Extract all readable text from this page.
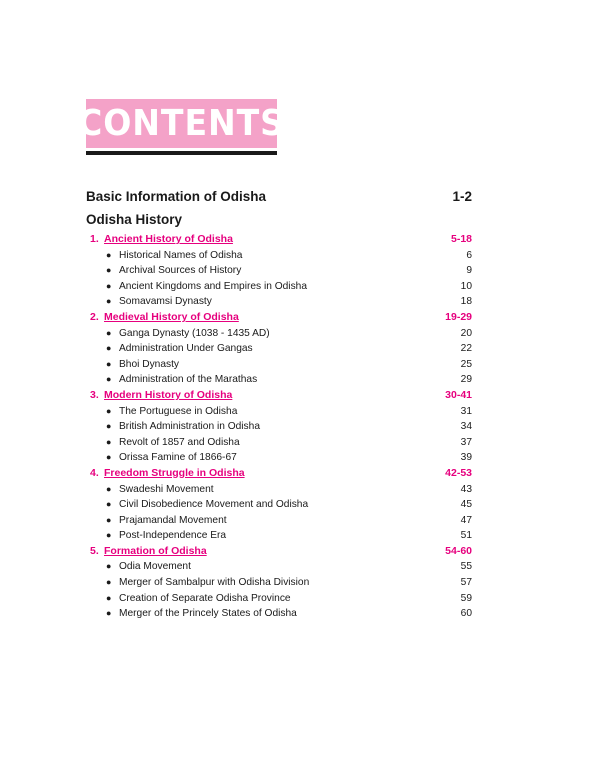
CONTENTS
Basic Information of Odisha	1-2
Odisha History
1. Ancient History of Odisha	5-18
● Historical Names of Odisha	6
● Archival Sources of History	9
● Ancient Kingdoms and Empires in Odisha	10
● Somavamsi Dynasty	18
2. Medieval History of Odisha	19-29
● Ganga Dynasty (1038 - 1435 AD)	20
● Administration Under Gangas	22
● Bhoi Dynasty	25
● Administration of the Marathas	29
3. Modern History of Odisha	30-41
● The Portuguese in Odisha	31
● British Administration in Odisha	34
● Revolt of 1857 and Odisha	37
● Orissa Famine of 1866-67	39
4. Freedom Struggle in Odisha	42-53
● Swadeshi Movement	43
● Civil Disobedience Movement and Odisha	45
● Prajamandal Movement	47
● Post-Independence Era	51
5. Formation of Odisha	54-60
● Odia Movement	55
● Merger of Sambalpur with Odisha Division	57
● Creation of Separate Odisha Province	59
● Merger of the Princely States of Odisha	60
